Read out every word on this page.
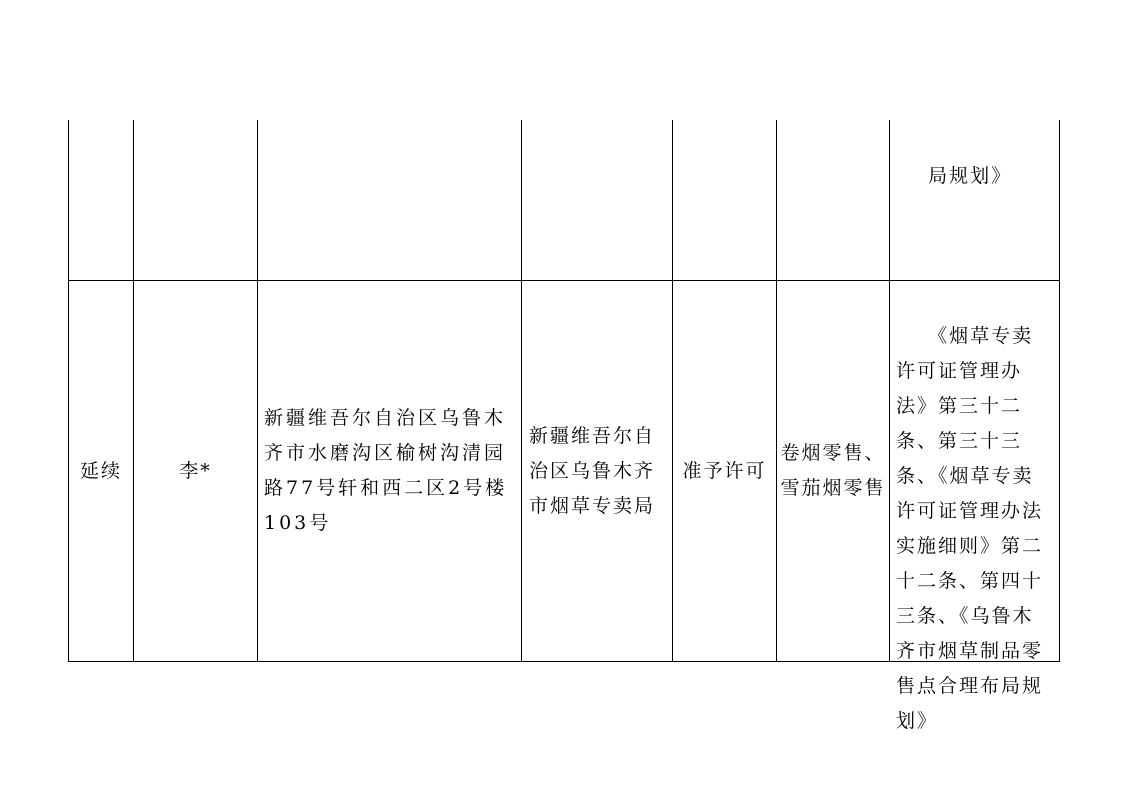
局规划》

延续	李*
新疆维吾尔自治区乌鲁木齐市水磨沟区榆树沟清园路77号轩和西二区2号楼103号
新疆维吾尔自治区乌鲁木齐市烟草专卖局
准予许可
卷烟零售、雪茄烟零售

《烟草专卖许可证管理办法》第三十二条、第三十三条、《烟草专卖许可证管理办法实施细则》第二十二条、第四十三条、《乌鲁木齐市烟草制品零售点合理布局规划》
